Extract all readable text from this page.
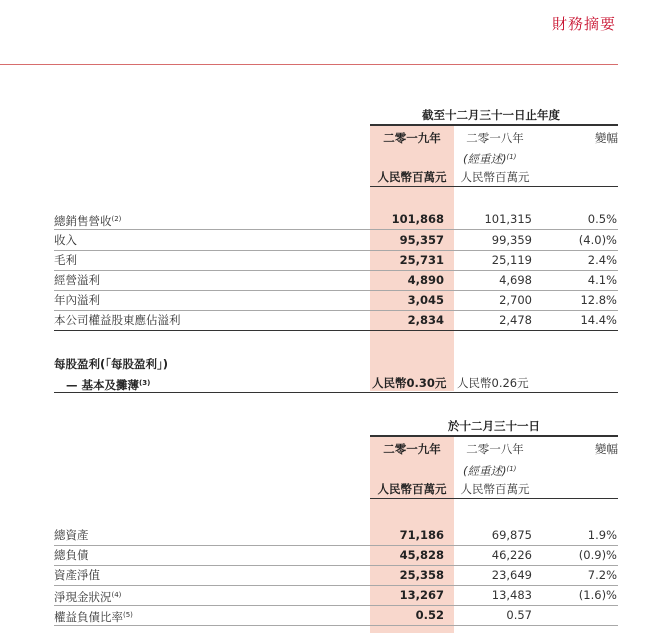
財務摘要
截至十二月三十一日止年度
二零一九年	二零一八年	變幅
(經重述)$^{(1)}$
人民幣百萬元	人民幣百萬元
總銷售營收$^{(2)}$	101,868	101,315	0.5%
收入	95,357	99,359	(4.0)%
毛利	25,731	25,119	2.4%
經營溢利	4,890	4,698	4.1%
年內溢利	3,045	2,700	12.8%
本公司權益股東應佔溢利	2,834	2,478	14.4%
每股盈利(「每股盈利」)
— 基本及攤薄$^{(3)}$	人民幣0.30元 人民幣0.26元
於十二月三十一日
二零一九年	二零一八年	變幅
(經重述)$^{(1)}$
人民幣百萬元	人民幣百萬元
總資產	71,186	69,875	1.9%
總負債	45,828	46,226	(0.9)%
資產淨值	25,358	23,649	7.2%
淨現金狀況$^{(4)}$	13,267	13,483	(1.6)%
權益負債比率$^{(5)}$	0.52	0.57
